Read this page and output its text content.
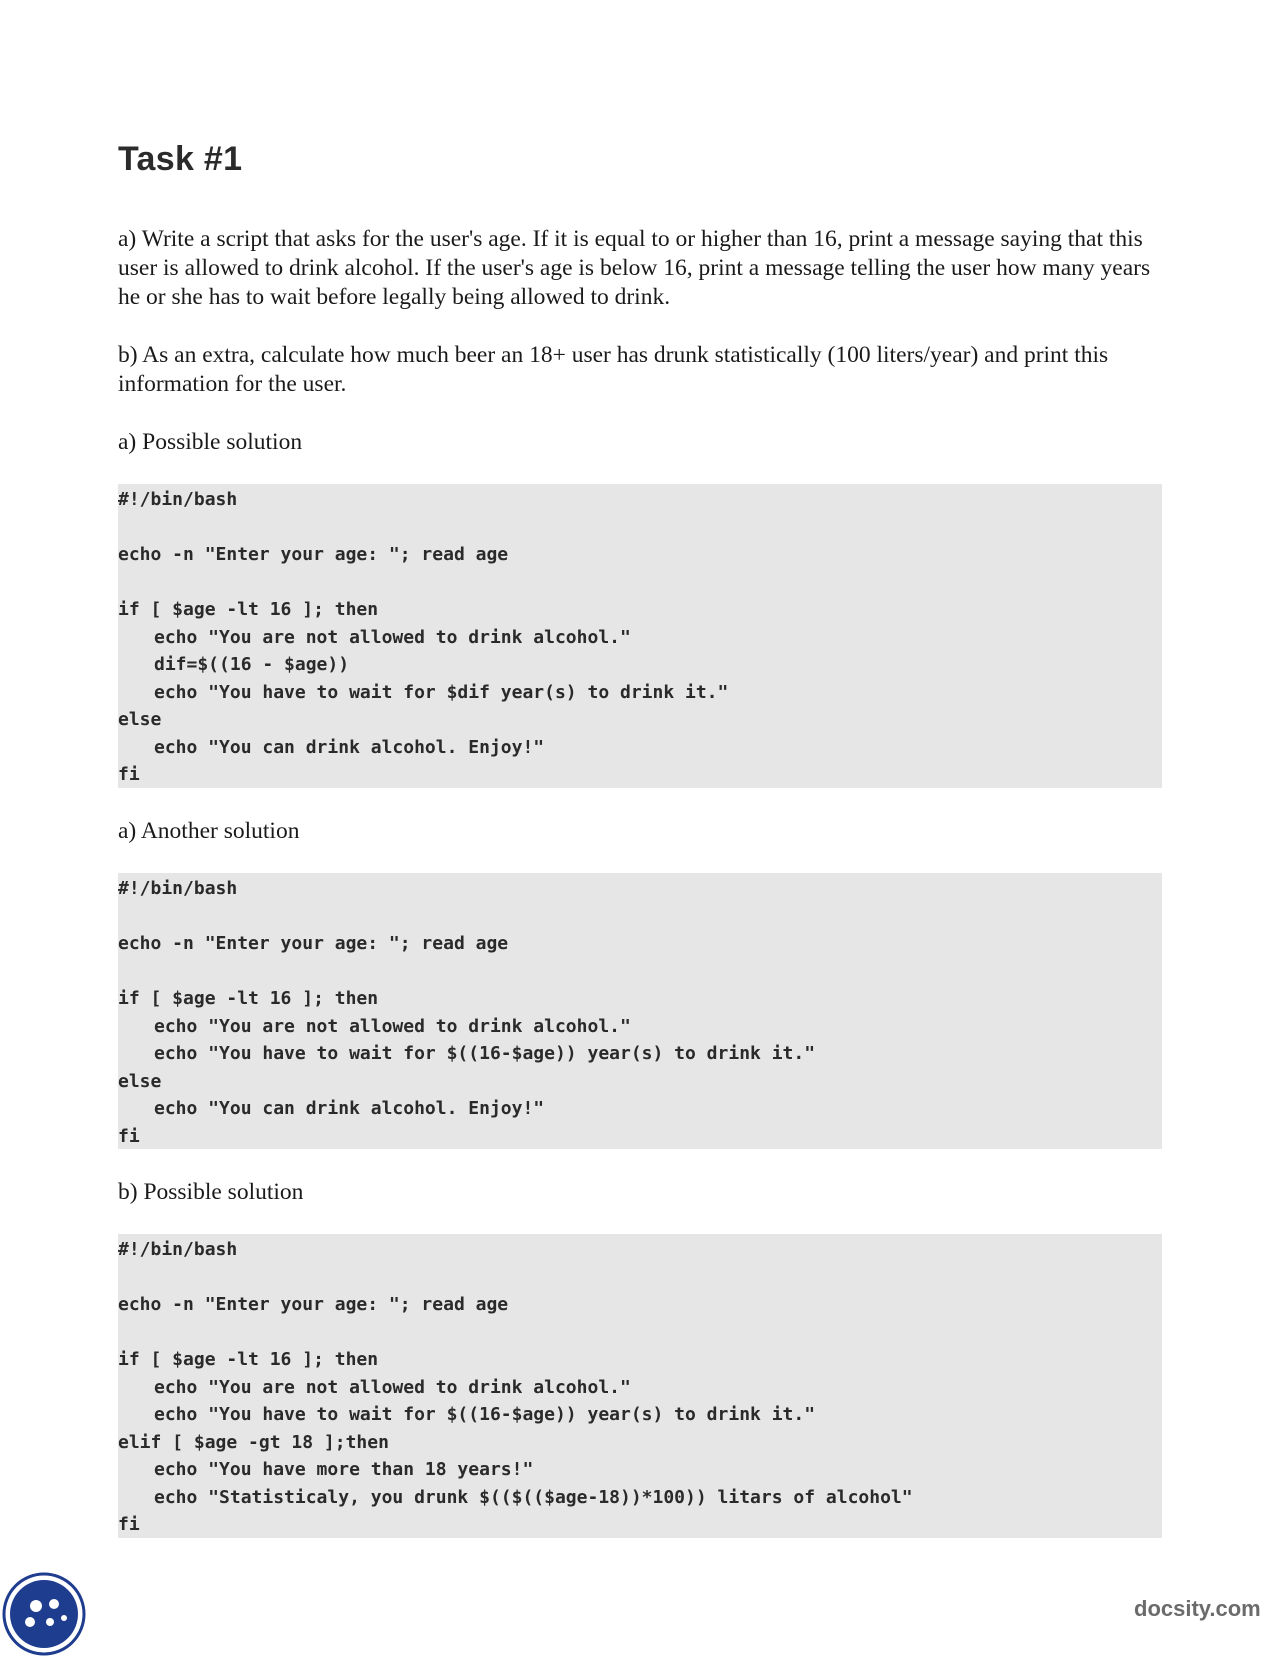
Task #1

a) Write a script that asks for the user's age. If it is equal to or higher than 16, print a message saying that this user is allowed to drink alcohol. If the user's age is below 16, print a message telling the user how many years he or she has to wait before legally being allowed to drink.

b) As an extra, calculate how much beer an 18+ user has drunk statistically (100 liters/year) and print this information for the user.

a) Possible solution

#!/bin/bash
echo -n "Enter your age: "; read age
if [ $age -lt 16 ]; then
echo "You are not allowed to drink alcohol."
dif=$((16 - $age))
echo "You have to wait for $dif year(s) to drink it."
else
echo "You can drink alcohol. Enjoy!"
fi

a) Another solution

#!/bin/bash
echo -n "Enter your age: "; read age
if [ $age -lt 16 ]; then
echo "You are not allowed to drink alcohol."
echo "You have to wait for $((16-$age)) year(s) to drink it."
else
echo "You can drink alcohol. Enjoy!"
fi

b) Possible solution

#!/bin/bash
echo -n "Enter your age: "; read age
if [ $age -lt 16 ]; then
echo "You are not allowed to drink alcohol."
echo "You have to wait for $((16-$age)) year(s) to drink it."
elif [ $age -gt 18 ];then
echo "You have more than 18 years!"
echo "Statisticaly, you drunk $(($(($age-18))*100)) litars of alcohol"
fi
docsity.com
